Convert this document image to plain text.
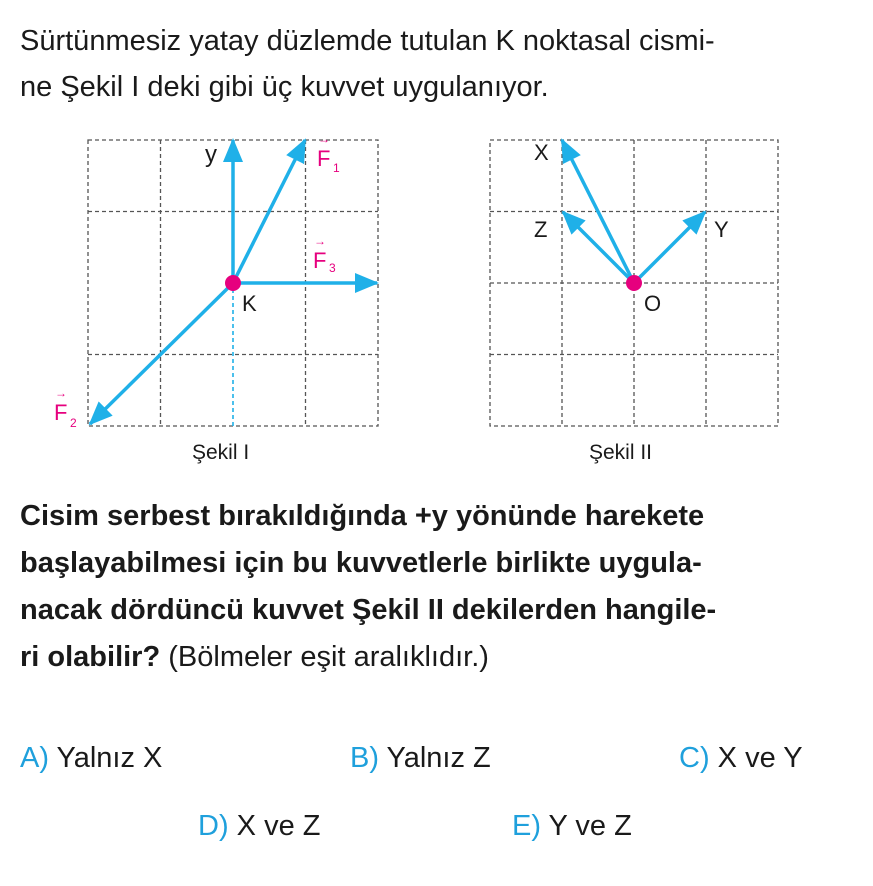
Sürtünmesiz yatay düzlemde tutulan K noktasal cismi-
ne Şekil I deki gibi üç kuvvet uygulanıyor.

y
K
→
F 1
→
F 3
→
F 2
X
Z	Y
O
Şekil I	Şekil II

Cisim serbest bırakıldığında +y yönünde harekete
başlayabilmesi için bu kuvvetlerle birlikte uygula-
nacak dördüncü kuvvet Şekil II dekilerden hangile-
ri olabilir? (Bölmeler eşit aralıklıdır.)

A) Yalnız X	B) Yalnız Z	C) X ve Y
D) X ve Z	E) Y ve Z
